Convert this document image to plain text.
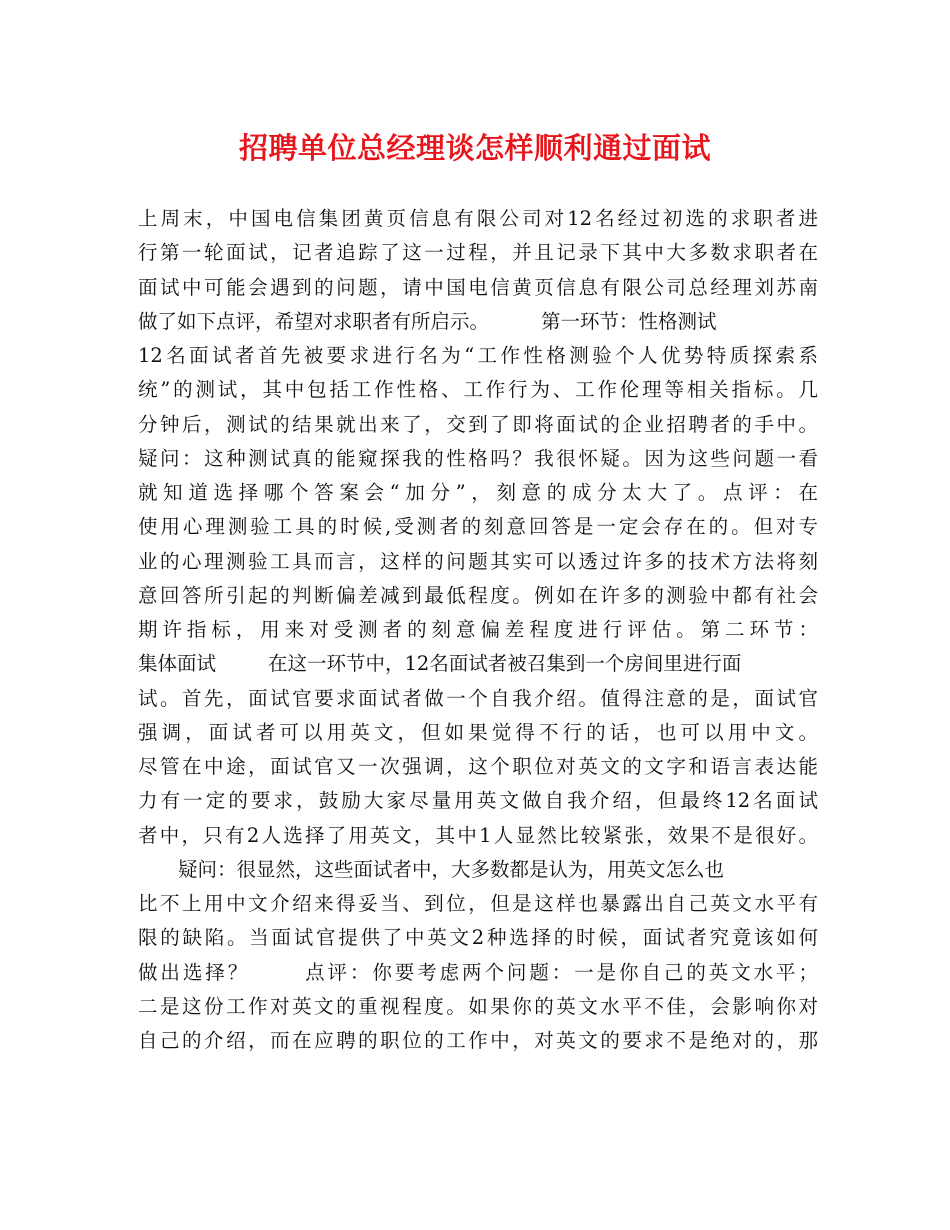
招聘单位总经理谈怎样顺利通过面试
上周末，中国电信集团黄页信息有限公司对12名经过初选的求职者进
行第一轮面试，记者追踪了这一过程，并且记录下其中大多数求职者在
面试中可能会遇到的问题，请中国电信黄页信息有限公司总经理刘苏南
做了如下点评，希望对求职者有所启示。	第一环节：性格测试
12名面试者首先被要求进行名为“工作性格测验个人优势特质探索系
统”的测试，其中包括工作性格、工作行为、工作伦理等相关指标。几
分钟后，测试的结果就出来了，交到了即将面试的企业招聘者的手中。
疑问：这种测试真的能窥探我的性格吗？我很怀疑。因为这些问题一看
就知道选择哪个答案会“加分”，刻意的成分太大了。点评：在
使用心理测验工具的时候,受测者的刻意回答是一定会存在的。但对专
业的心理测验工具而言，这样的问题其实可以透过许多的技术方法将刻
意回答所引起的判断偏差减到最低程度。例如在许多的测验中都有社会
期许指标，用来对受测者的刻意偏差程度进行评估。第二环节：
集体面试	在这一环节中，12名面试者被召集到一个房间里进行面
试。首先，面试官要求面试者做一个自我介绍。值得注意的是，面试官
强调，面试者可以用英文，但如果觉得不行的话，也可以用中文。
尽管在中途，面试官又一次强调，这个职位对英文的文字和语言表达能
力有一定的要求，鼓励大家尽量用英文做自我介绍，但最终12名面试
者中，只有2人选择了用英文，其中1人显然比较紧张，效果不是很好。
疑问：很显然，这些面试者中，大多数都是认为，用英文怎么也
比不上用中文介绍来得妥当、到位，但是这样也暴露出自己英文水平有
限的缺陷。当面试官提供了中英文2种选择的时候，面试者究竟该如何
做出选择？	点评：你要考虑两个问题：一是你自己的英文水平；
二是这份工作对英文的重视程度。如果你的英文水平不佳，会影响你对
自己的介绍，而在应聘的职位的工作中，对英文的要求不是绝对的，那
